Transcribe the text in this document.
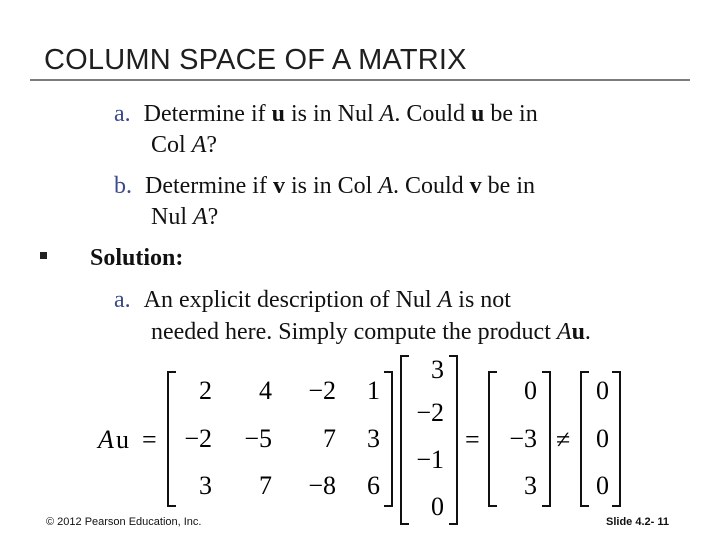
COLUMN SPACE OF A MATRIX
a. Determine if u is in Nul A. Could u be in
Col A?
b. Determine if v is in Col A. Could v be in
Nul A?
Solution:
a. An explicit description of Nul A is not
needed here. Simply compute the product Au.
A u =
2 4 −2 1
−2 −5 7 3
3 7 −8 6
3
−2
−1
0
0
−3
3
0
0
0
=	≠
© 2012 Pearson Education, Inc.	Slide 4.2- 11
